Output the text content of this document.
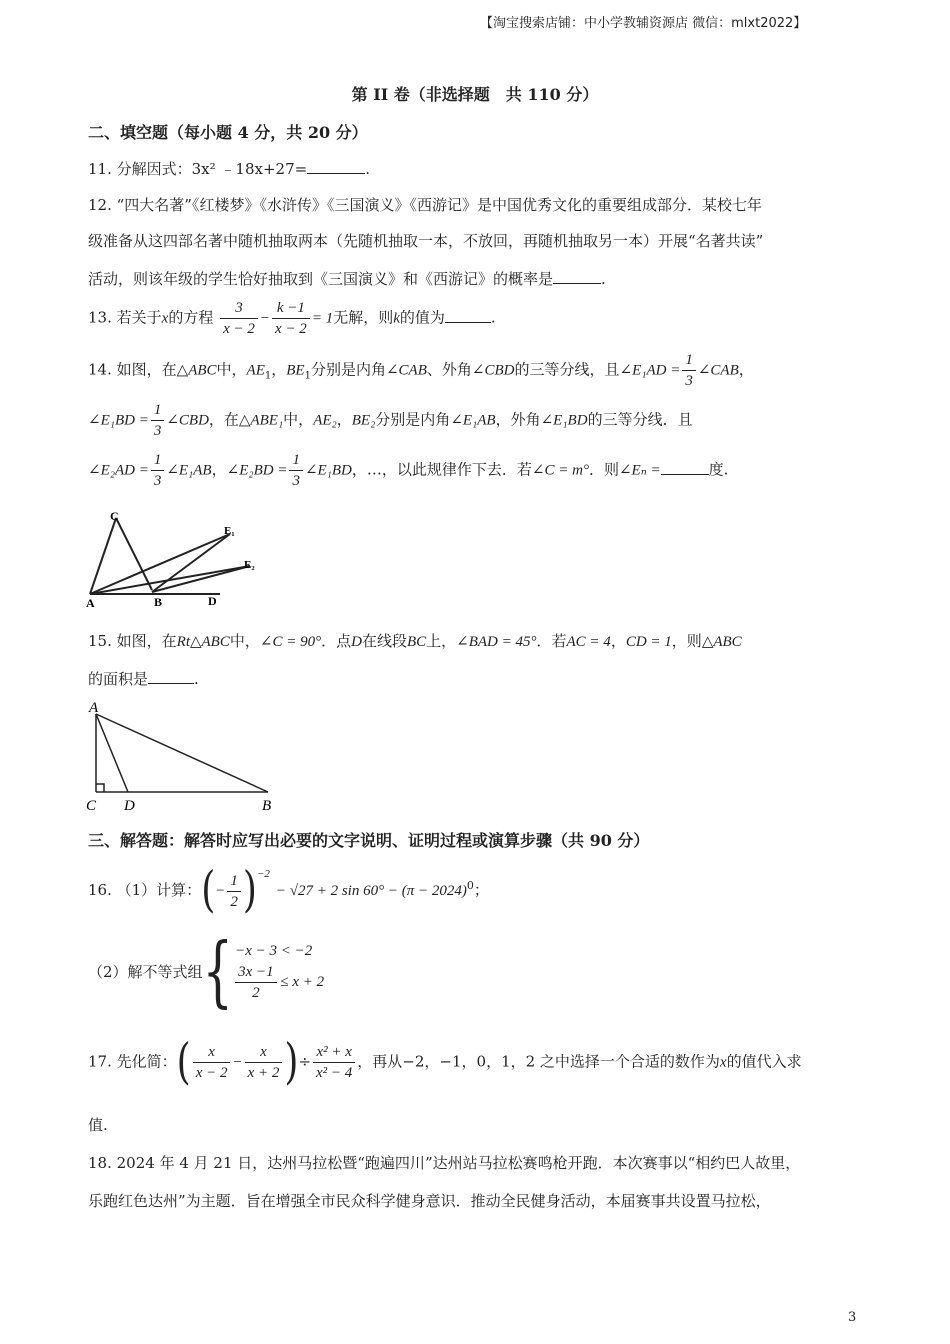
【淘宝搜索店铺：中小学教辅资源店 微信：mlxt2022】
第 II 卷（非选择题　共 110 分）
二、填空题（每小题 4 分，共 20 分）
11. 分解因式：3x² ﹣18x+27=	.
12. “四大名著”《红楼梦》《水浒传》《三国演义》《西游记》是中国优秀文化的重要组成部分．某校七年
级准备从这四部名著中随机抽取两本（先随机抽取一本，不放回，再随机抽取另一本）开展“名著共读”
活动，则该年级的学生恰好抽取到《三国演义》和《西游记》的概率是	.
13. 若关于x的方程 $\frac{3}{x - 2} - \frac{k -1}{x - 2} = 1$无解，则k的值为	.
14. 如图，在△ABC中，$AE_1$，$BE_1$分别是内角∠CAB、外角∠CBD的三等分线，且∠E₁AD = $\frac{1}{3}$ ∠CAB，
∠E₁BD = $\frac{1}{3}$ ∠CBD，在△ABE₁中，AE₂，BE₂分别是内角∠E₁AB，外角∠E₁BD的三等分线．且
∠E₂AD = $\frac{1}{3}$ ∠E₁AB，∠E₂BD = $\frac{1}{3}$ ∠E₁BD，…，以此规律作下去．若∠C = m°．则∠Eₙ =	度.
C
E₁
E₂
A	B	D
15. 如图，在Rt△ABC中，∠C = 90°．点D在线段BC上，∠BAD = 45°．若AC = 4，CD = 1，则△ABC
的面积是	.
A
C D	B
三、解答题：解答时应写出必要的文字说明、证明过程或演算步骤（共 90 分）
16. （1）计算：(− $\frac{1}{2} )^{-2}- √27 + 2$ $\sin 60^\circ - (\pi - 2024)^0$；
（2）解不等式组{ −x − 3 < −2
$\frac{3x -1}{2} \le x + 2$
17. 先化简：( $\frac{x}{x - 2} - \frac{x}{x + 2}$ )÷ $\frac{\text{x² + x}}{\text{x² − 4}}$ ，再从−2，−1，0，1，2 之中选择一个合适的数作为x的值代入求
值.
18. 2024 年 4 月 21 日，达州马拉松暨“跑遍四川”达州站马拉松赛鸣枪开跑．本次赛事以“相约巴人故里，
乐跑红色达州”为主题．旨在增强全市民众科学健身意识．推动全民健身活动，本届赛事共设置马拉松，
3
